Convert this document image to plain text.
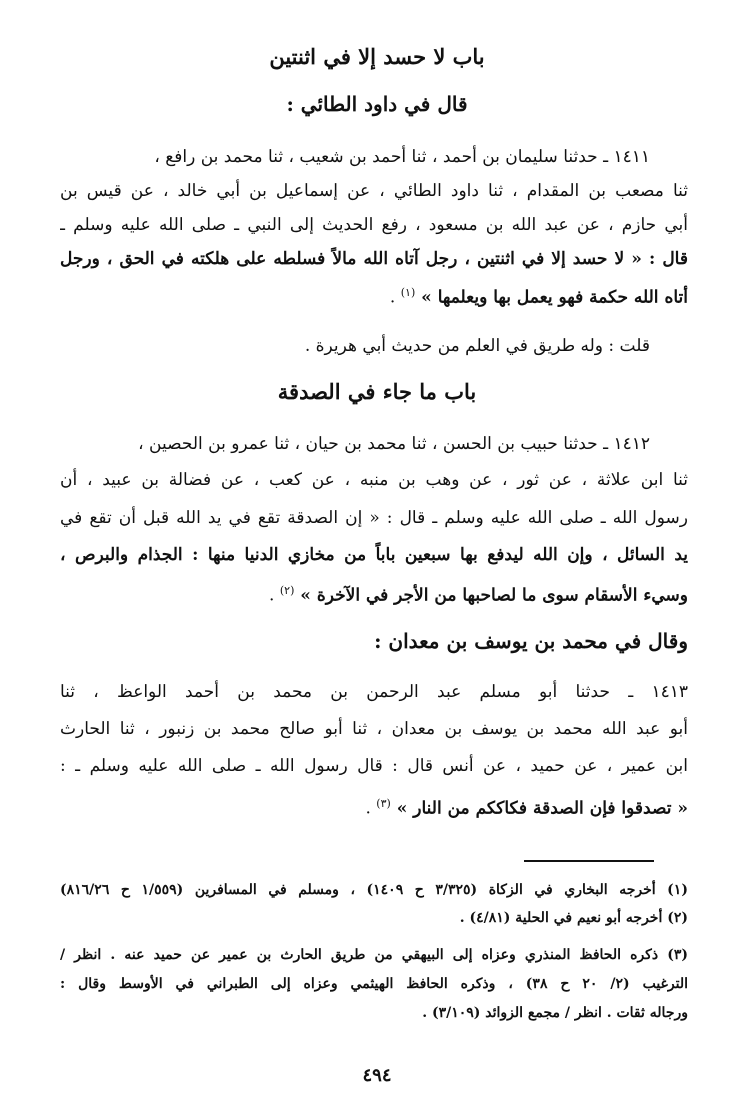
باب لا حسد إلا في اثنتين
قال في داود الطائي :
١٤١١ ـ حدثنا سليمان بن أحمد ، ثنا أحمد بن شعيب ، ثنا محمد بن رافع ،
ثنا مصعب بن المقدام ، ثنا داود الطائي ، عن إسماعيل بن أبي خالد ، عن قيس بن
أبي حازم ، عن عبد الله بن مسعود ، رفع الحديث إلى النبي ـ صلى الله عليه وسلم ـ
قال : « لا حسد إلا في اثنتين ، رجل آتاه الله مالاً فسلطه على هلكته في الحق ، ورجل
أتاه الله حكمة فهو يعمل بها ويعلمها » $^{(١)}$ .
قلت : وله طريق في العلم من حديث أبي هريرة .
باب ما جاء في الصدقة
١٤١٢ ـ حدثنا حبيب بن الحسن ، ثنا محمد بن حيان ، ثنا عمرو بن الحصين ،
ثنا ابن علاثة ، عن ثور ، عن وهب بن منبه ، عن كعب ، عن فضالة بن عبيد ، أن
رسول الله ـ صلى الله عليه وسلم ـ قال : « إن الصدقة تقع في يد الله قبل أن تقع في
يد السائل ، وإن الله ليدفع بها سبعين باباً من مخازي الدنيا منها : الجذام والبرص ،
وسيء الأسقام سوى ما لصاحبها من الأجر في الآخرة » $^{(٢)}$ .
وقال في محمد بن يوسف بن معدان :
١٤١٣ ـ حدثنا أبو مسلم عبد الرحمن بن محمد بن أحمد الواعظ ، ثنا
أبو عبد الله محمد بن يوسف بن معدان ، ثنا أبو صالح محمد بن زنبور ، ثنا الحارث
ابن عمير ، عن حميد ، عن أنس قال : قال رسول الله ـ صلى الله عليه وسلم ـ :
« تصدقوا فإن الصدقة فكاككم من النار » $^{(٣)}$ .
(١) أخرجه البخاري في الزكاة (٣/٣٢٥ ح ١٤٠٩) ، ومسلم في المسافرين (١/٥٥٩ ح ٨١٦/٢٦)
(٢) أخرجه أبو نعيم في الحلية (٤/٨١) .
(٣) ذكره الحافظ المنذري وعزاه إلى البيهقي من طريق الحارث بن عمير عن حميد عنه . انظر /
الترغيب (٢/ ٢٠ ح ٣٨) ، وذكره الحافظ الهيثمي وعزاه إلى الطبراني في الأوسط وقال :
ورجاله ثقات . انظر / مجمع الزوائد (٣/١٠٩) .
٤٩٤
